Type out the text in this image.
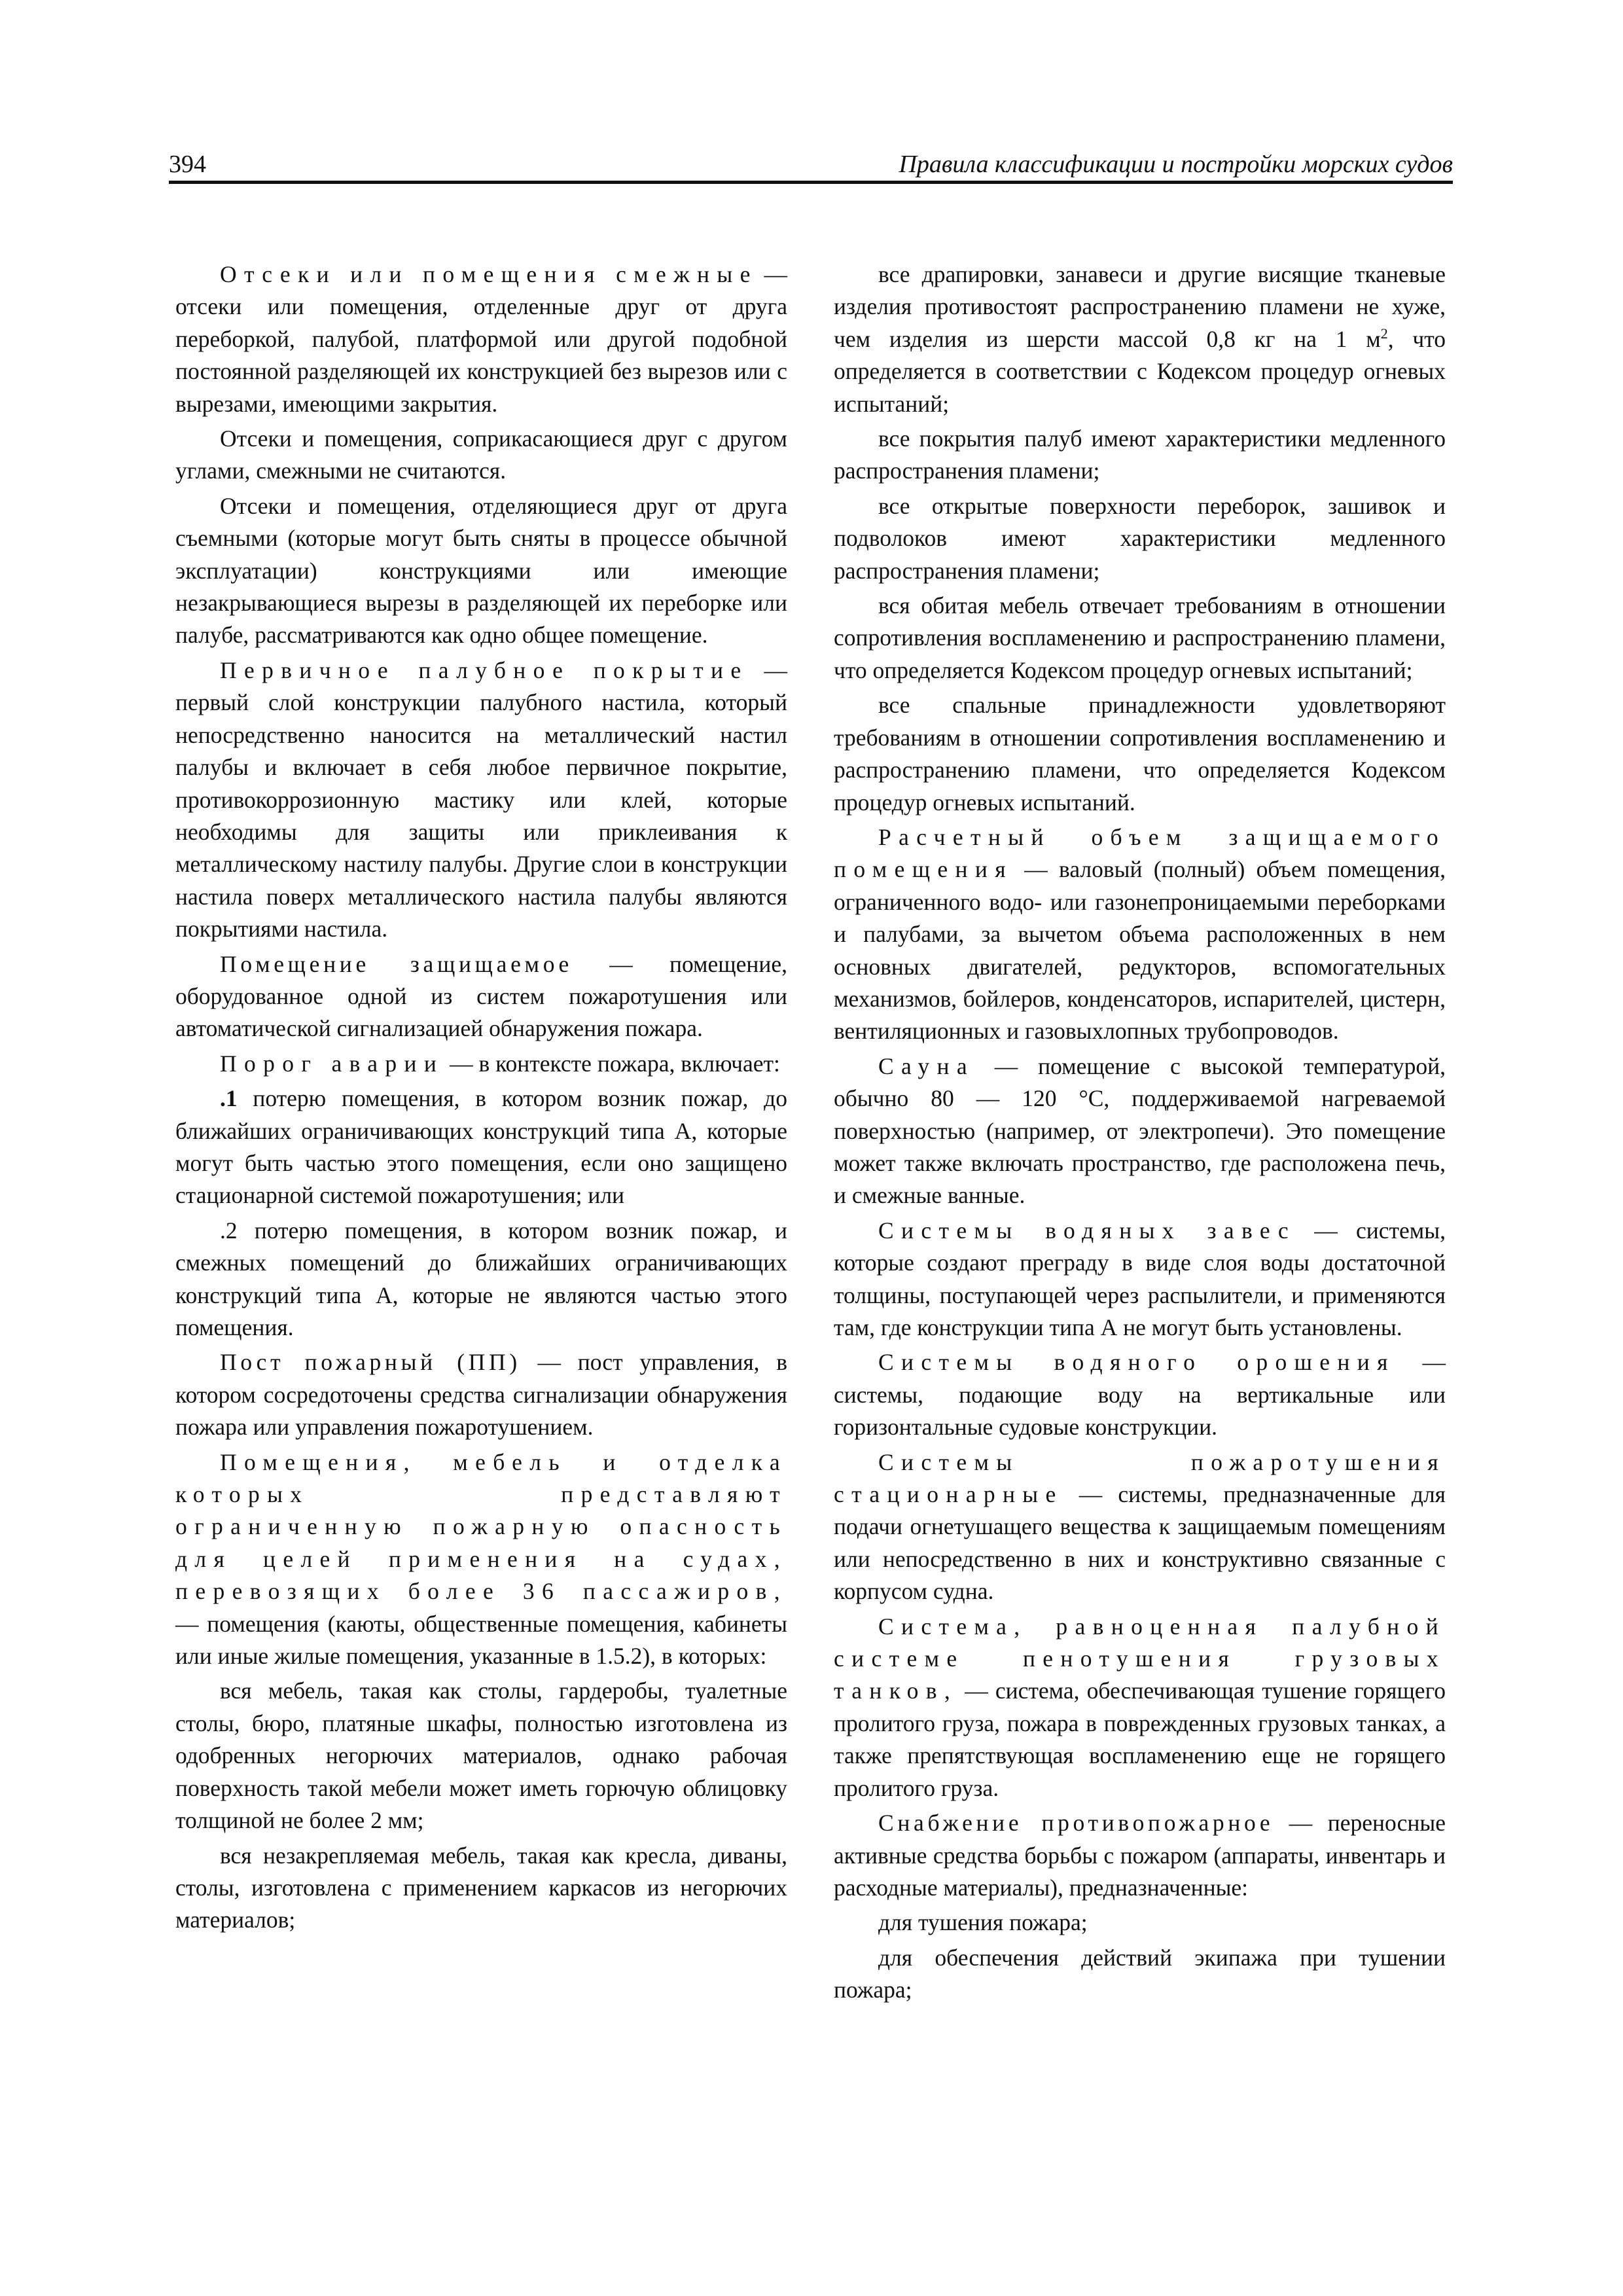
394	Правила классификации и постройки морских судов

Отсеки или помещения смежные — отсеки или помещения, отделенные друг от друга переборкой, палубой, платформой или другой подобной постоянной разделяющей их конструкцией без вырезов или с вырезами, имеющими закрытия.

Отсеки и помещения, соприкасающиеся друг с другом углами, смежными не считаются.

Отсеки и помещения, отделяющиеся друг от друга съемными (которые могут быть сняты в процессе обычной эксплуатации) конструкциями или имеющие незакрывающиеся вырезы в разделяющей их переборке или палубе, рассматриваются как одно общее помещение.

Первичное палубное покрытие — первый слой конструкции палубного настила, который непосредственно наносится на металлический настил палубы и включает в себя любое первичное покрытие, противокоррозионную мастику или клей, которые необходимы для защиты или приклеивания к металлическому настилу палубы. Другие слои в конструкции настила поверх металлического настила палубы являются покрытиями настила.

Помещение защищаемое — помещение, оборудованное одной из систем пожаротушения или автоматической сигнализацией обнаружения пожара.

Порог аварии — в контексте пожара, включает:

.1 потерю помещения, в котором возник пожар, до ближайших ограничивающих конструкций типа А, которые могут быть частью этого помещения, если оно защищено стационарной системой пожаротушения; или

.2 потерю помещения, в котором возник пожар, и смежных помещений до ближайших ограничивающих конструкций типа А, которые не являются частью этого помещения.

Пост пожарный (ПП) — пост управления, в котором сосредоточены средства сигнализации обнаружения пожара или управления пожаротушением.

Помещения, мебель и отделка которых представляют ограниченную пожарную опасность для целей применения на судах, перевозящих более 36 пассажиров, — помещения (каюты, общественные помещения, кабинеты или иные жилые помещения, указанные в 1.5.2), в которых:

вся мебель, такая как столы, гардеробы, туалетные столы, бюро, платяные шкафы, полностью изготовлена из одобренных негорючих материалов, однако рабочая поверхность такой мебели может иметь горючую облицовку толщиной не более 2 мм;

вся незакрепляемая мебель, такая как кресла, диваны, столы, изготовлена с применением каркасов из негорючих материалов;

все драпировки, занавеси и другие висящие тканевые изделия противостоят распространению пламени не хуже, чем изделия из шерсти массой 0,8 кг на 1 $м^2$, что определяется в соответствии с Кодексом процедур огневых испытаний;

все покрытия палуб имеют характеристики медленного распространения пламени;

все открытые поверхности переборок, зашивок и подволоков имеют характеристики медленного распространения пламени;

вся обитая мебель отвечает требованиям в отношении сопротивления воспламенению и распространению пламени, что определяется Кодексом процедур огневых испытаний;

все спальные принадлежности удовлетворяют требованиям в отношении сопротивления воспламенению и распространению пламени, что определяется Кодексом процедур огневых испытаний.

Расчетный объем защищаемого помещения — валовый (полный) объем помещения, ограниченного водо- или газонепроницаемыми переборками и палубами, за вычетом объема расположенных в нем основных двигателей, редукторов, вспомогательных механизмов, бойлеров, конденсаторов, испарителей, цистерн, вентиляционных и газовыхлопных трубопроводов.

Сауна — помещение с высокой температурой, обычно 80 — 120 °С, поддерживаемой нагреваемой поверхностью (например, от электропечи). Это помещение может также включать пространство, где расположена печь, и смежные ванные.

Системы водяных завес — системы, которые создают преграду в виде слоя воды достаточной толщины, поступающей через распылители, и применяются там, где конструкции типа А не могут быть установлены.

Системы водяного орошения — системы, подающие воду на вертикальные или горизонтальные судовые конструкции.

Системы пожаротушения стационарные — системы, предназначенные для подачи огнетушащего вещества к защищаемым помещениям или непосредственно в них и конструктивно связанные с корпусом судна.

Система, равноценная палубной системе пенотушения грузовых танков, — система, обеспечивающая тушение горящего пролитого груза, пожара в поврежденных грузовых танках, а также препятствующая воспламенению еще не горящего пролитого груза.

Снабжение противопожарное — переносные активные средства борьбы с пожаром (аппараты, инвентарь и расходные материалы), предназначенные:

для тушения пожара;

для обеспечения действий экипажа при тушении пожара;
